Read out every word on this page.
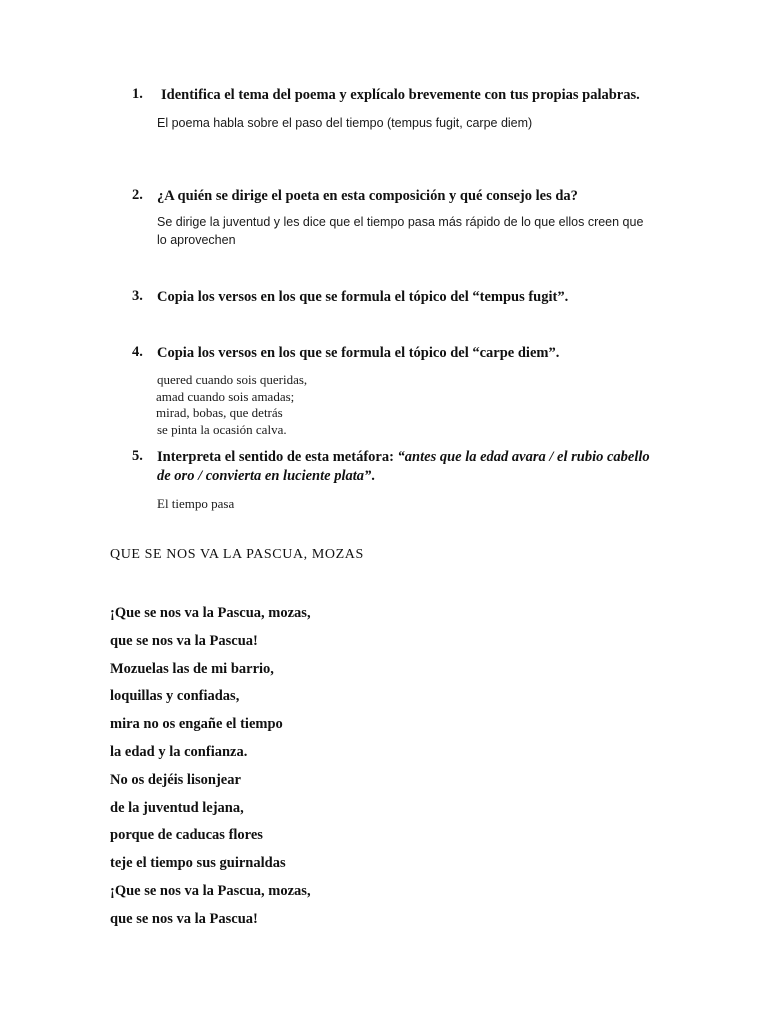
1. Identifica el tema del poema y explícalo brevemente con tus propias palabras.
El poema habla sobre el paso del tiempo (tempus fugit, carpe diem)
2. ¿A quién se dirige el poeta en esta composición y qué consejo les da?
Se dirige la juventud y les dice que el tiempo pasa más rápido de lo que ellos creen que
lo aprovechen
3. Copia los versos en los que se formula el tópico del “tempus fugit”.
4. Copia los versos en los que se formula el tópico del “carpe diem”.
quered cuando sois queridas,
amad cuando sois amadas;
mirad, bobas, que detrás
se pinta la ocasión calva.
5. Interpreta el sentido de esta metáfora: “antes que la edad avara / el rubio cabello de oro / convierta en luciente plata”.
El tiempo pasa
QUE SE NOS VA LA PASCUA, MOZAS
¡Que se nos va la Pascua, mozas,
que se nos va la Pascua!
Mozuelas las de mi barrio,
loquillas y confiadas,
mira no os engañe el tiempo
la edad y la confianza.
No os dejéis lisonjear
de la juventud lejana,
porque de caducas flores
teje el tiempo sus guirnaldas
¡Que se nos va la Pascua, mozas,
que se nos va la Pascua!
